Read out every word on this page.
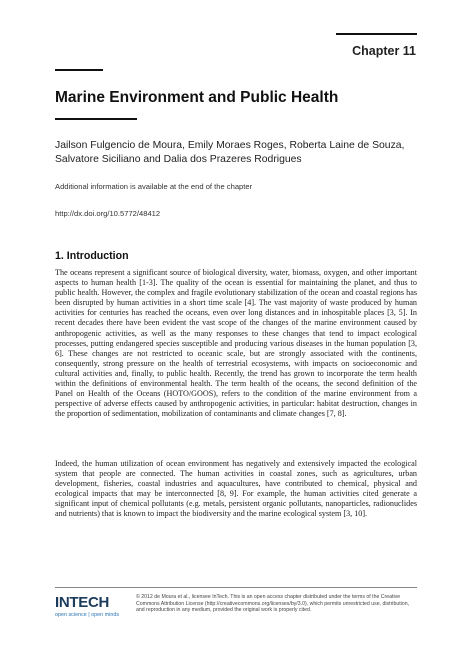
Chapter 11
Marine Environment and Public Health
Jailson Fulgencio de Moura, Emily Moraes Roges, Roberta Laine de Souza, Salvatore Siciliano and Dalia dos Prazeres Rodrigues
Additional information is available at the end of the chapter
http://dx.doi.org/10.5772/48412
1. Introduction

The oceans represent a significant source of biological diversity, water, biomass, oxygen, and other important aspects to human health [1-3]. The quality of the ocean is essential for maintaining the planet, and thus to public health. However, the complex and fragile evolutionary stabilization of the ocean and coastal regions has been disrupted by human activities in a short time scale [4]. The vast majority of waste produced by human activities for centuries has reached the oceans, even over long distances and in inhospitable places [3, 5]. In recent decades there have been evident the vast scope of the changes of the marine environment caused by anthropogenic activities, as well as the many responses to these changes that tend to impact ecological processes, putting endangered species susceptible and producing various diseases in the human population [3, 6]. These changes are not restricted to oceanic scale, but are strongly associated with the continents, consequently, strong pressure on the health of terrestrial ecosystems, with impacts on socioeconomic and cultural activities and, finally, to public health. Recently, the trend has grown to incorporate the term health within the definitions of environmental health. The term health of the oceans, the second definition of the Panel on Health of the Oceans (HOTO/GOOS), refers to the condition of the marine environment from a perspective of adverse effects caused by anthropogenic activities, in particular: habitat destruction, changes in the proportion of sedimentation, mobilization of contaminants and climate changes [7, 8].

Indeed, the human utilization of ocean environment has negatively and extensively impacted the ecological system that people are connected. The human activities in coastal zones, such as agricultures, urban development, fisheries, coastal industries and aquacultures, have contributed to chemical, physical and ecological impacts that may be interconnected [8, 9]. For example, the human activities cited generate a significant input of chemical pollutants (e.g. metals, persistent organic pollutants, nanoparticles, radionuclides and nutrients) that is known to impact the biodiversity and the marine ecological system [3, 10].

INTECH
open science | open minds

© 2012 de Moura et al., licensee InTech. This is an open access chapter distributed under the terms of the Creative Commons Attribution License (http://creativecommons.org/licenses/by/3.0), which permits unrestricted use, distribution, and reproduction in any medium, provided the original work is properly cited.
